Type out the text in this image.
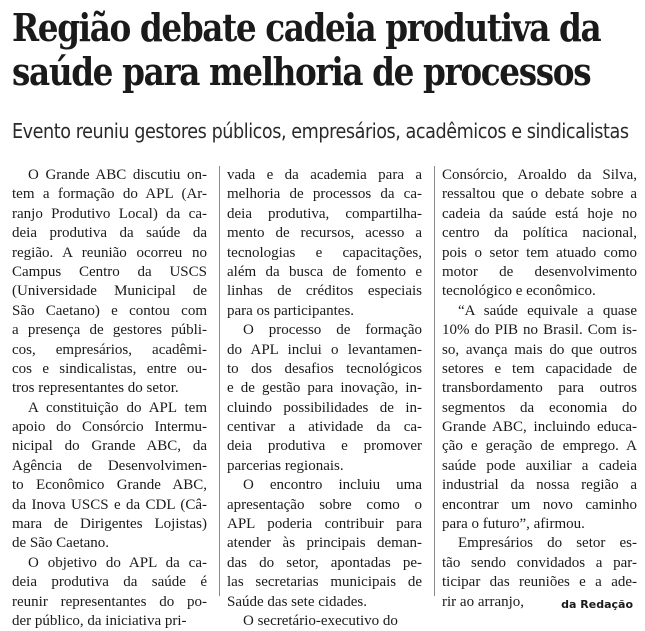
Região debate cadeia produtiva da
saúde para melhoria de processos
Evento reuniu gestores públicos, empresários, acadêmicos e sindicalistas
O Grande ABC discutiu on-
tem a formação do APL (Ar-
ranjo Produtivo Local) da ca-
deia produtiva da saúde da
região. A reunião ocorreu no
Campus Centro da USCS
(Universidade Municipal de
São Caetano) e contou com
a presença de gestores públi-
cos, empresários, acadêmi-
cos e sindicalistas, entre ou-
tros representantes do setor.
A constituição do APL tem
apoio do Consórcio Intermu-
nicipal do Grande ABC, da
Agência de Desenvolvimen-
to Econômico Grande ABC,
da Inova USCS e da CDL (Câ-
mara de Dirigentes Lojistas)
de São Caetano.
O objetivo do APL da ca-
deia produtiva da saúde é
reunir representantes do po-
der público, da iniciativa pri-
vada e da academia para a
melhoria de processos da ca-
deia produtiva, compartilha-
mento de recursos, acesso a
tecnologias e capacitações,
além da busca de fomento e
linhas de créditos especiais
para os participantes.
O processo de formação
do APL inclui o levantamen-
to dos desafios tecnológicos
e de gestão para inovação, in-
cluindo possibilidades de in-
centivar a atividade da ca-
deia produtiva e promover
parcerias regionais.
O encontro incluiu uma
apresentação sobre como o
APL poderia contribuir para
atender às principais deman-
das do setor, apontadas pe-
las secretarias municipais de
Saúde das sete cidades.
O secretário-executivo do
Consórcio, Aroaldo da Silva,
ressaltou que o debate sobre a
cadeia da saúde está hoje no
centro da política nacional,
pois o setor tem atuado como
motor de desenvolvimento
tecnológico e econômico.
“A saúde equivale a quase
10% do PIB no Brasil. Com is-
so, avança mais do que outros
setores e tem capacidade de
transbordamento para outros
segmentos da economia do
Grande ABC, incluindo educa-
ção e geração de emprego. A
saúde pode auxiliar a cadeia
industrial da nossa região a
encontrar um novo caminho
para o futuro”, afirmou.
Empresários do setor es-
tão sendo convidados a par-
ticipar das reuniões e a ade-
rir ao arranjo,	da Redação
